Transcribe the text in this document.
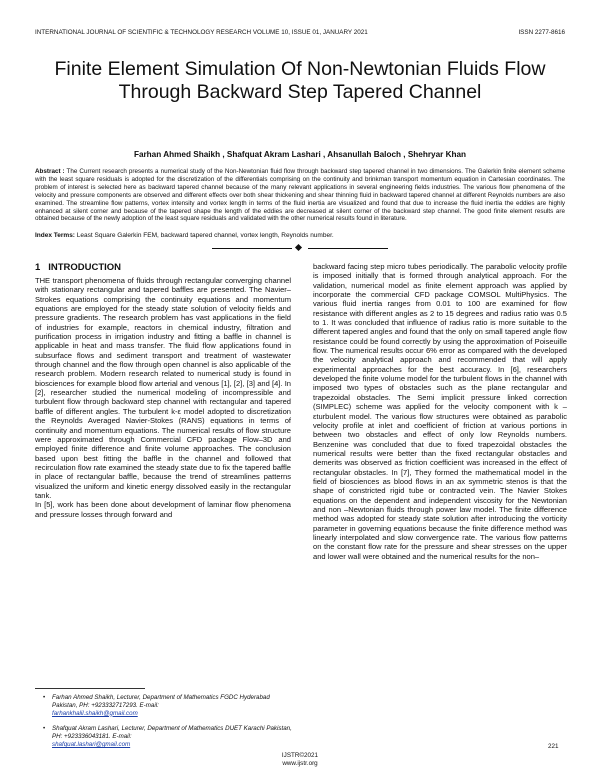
INTERNATIONAL JOURNAL OF SCIENTIFIC & TECHNOLOGY RESEARCH VOLUME 10, ISSUE 01, JANUARY 2021	ISSN 2277-8616
Finite Element Simulation Of Non-Newtonian Fluids Flow Through Backward Step Tapered Channel
Farhan Ahmed Shaikh , Shafquat Akram Lashari , Ahsanullah Baloch , Shehryar Khan
Abstract : The Current research presents a numerical study of the Non-Newtonian fluid flow through backward step tapered channel in two dimensions. The Galerkin finite element scheme with the least square residuals is adopted for the discretization of the differentials comprising on the continuity and brinkman transport momentum equation in Cartesian coordinates. The problem of interest is selected here as backward tapered channel because of the many relevant applications in several engineering fields industries. The various flow phenomena of the velocity and pressure components are observed and different effects over both shear thickening and shear thinning fluid in backward tapered channel at different Reynolds numbers are also examined. The streamline flow patterns, vortex intensity and vortex length in terms of the fluid inertia are visualized and found that due to increase the fluid inertia the eddies are highly enhanced at silent corner and because of the tapered shape the length of the eddies are decreased at silent corner of the backward step channel. The good finite element results are obtained because of the newly adoption of the least square residuals and validated with the other numerical results found in literature.
Index Terms: Least Square Galerkin FEM, backward tapered channel, vortex length, Reynolds number.
1 INTRODUCTION

THE transport phenomena of fluids through rectangular converging channel with stationary rectangular and tapered baffles are presented. The Navier–Strokes equations comprising the continuity equations and momentum equations are employed for the steady state solution of velocity fields and pressure gradients. The research problem has vast applications in the field of industries for example, reactors in chemical industry, filtration and purification process in irrigation industry and fitting a baffle in channel is applicable in heat and mass transfer. The fluid flow applications found in subsurface flows and sediment transport and treatment of wastewater through channel and the flow through open channel is also applicable of the research problem. Modern research related to numerical study is found in biosciences for example blood flow arterial and venous [1], [2], [3] and [4]. In [2], researcher studied the numerical modeling of incompressible and turbulent flow through backward step channel with rectangular and tapered baffle of different angles. The turbulent k-ε model adopted to discretization the Reynolds Averaged Navier-Stokes (RANS) equations in terms of continuity and momentum equations. The numerical results of flow structure were approximated through Commercial CFD package Flow–3D and employed finite difference and finite volume approaches. The conclusion based upon best fitting the baffle in the channel and followed that recirculation flow rate examined the steady state due to fix the tapered baffle in place of rectangular baffle, because the trend of streamlines patterns visualized the uniform and kinetic energy dissolved easily in the rectangular tank.

In [5], work has been done about development of laminar flow phenomena and pressure losses through forward and

backward facing step micro tubes periodically. The parabolic velocity profile is imposed initially that is formed through analytical approach. For the validation, numerical model as finite element approach was applied by incorporate the commercial CFD package COMSOL MultiPhysics. The various fluid inertia ranges from 0.01 to 100 are examined for flow resistance with different angles as 2 to 15 degrees and radius ratio was 0.5 to 1. It was concluded that influence of radius ratio is more suitable to the different tapered angles and found that the only on small tapered angle flow resistance could be found correctly by using the approximation of Poiseuille flow. The numerical results occur 6% error as compared with the developed the velocity analytical approach and recommended that will apply experimental approaches for the best accuracy. In [6], researchers developed the finite volume model for the turbulent flows in the channel with imposed two types of obstacles such as the plane rectangular and trapezoidal obstacles. The Semi implicit pressure linked correction (SIMPLEC) scheme was applied for the velocity component with k – εturbulent model. The various flow structures were obtained as parabolic velocity profile at inlet and coefficient of friction at various portions in between two obstacles and effect of only low Reynolds numbers. Benzenine was concluded that due to fixed trapezoidal obstacles the numerical results were better than the fixed rectangular obstacles and demerits was observed as friction coefficient was increased in the effect of rectangular obstacles. In [7], They formed the mathematical model in the field of biosciences as blood flows in an ax symmetric stenos is that the shape of constricted rigid tube or contracted vein. The Navier Stokes equations on the dependent and independent viscosity for the Newtonian and non –Newtonian fluids through power law model. The finite difference method was adopted for steady state solution after introducing the vorticity parameter in governing equations because the finite difference method was linearly interpolated and slow convergence rate. The various flow patterns on the constant flow rate for the pressure and shear stresses on the upper and lower wall were obtained and the numerical results for the non–

• Farhan Ahmed Shaikh, Lecturer, Department of Mathematics FGDC Hyderabad Pakistan, PH: +923332717293. E-mail:
farhankhalil.shaikh@gmail.com
• Shafquat Akram Lashari, Lecturer, Department of Mathematics DUET Karachi Pakistan, PH: +923336043181. E-mail:
shafquat.lashari@gmail.com	221
IJSTR©2021
www.ijstr.org
